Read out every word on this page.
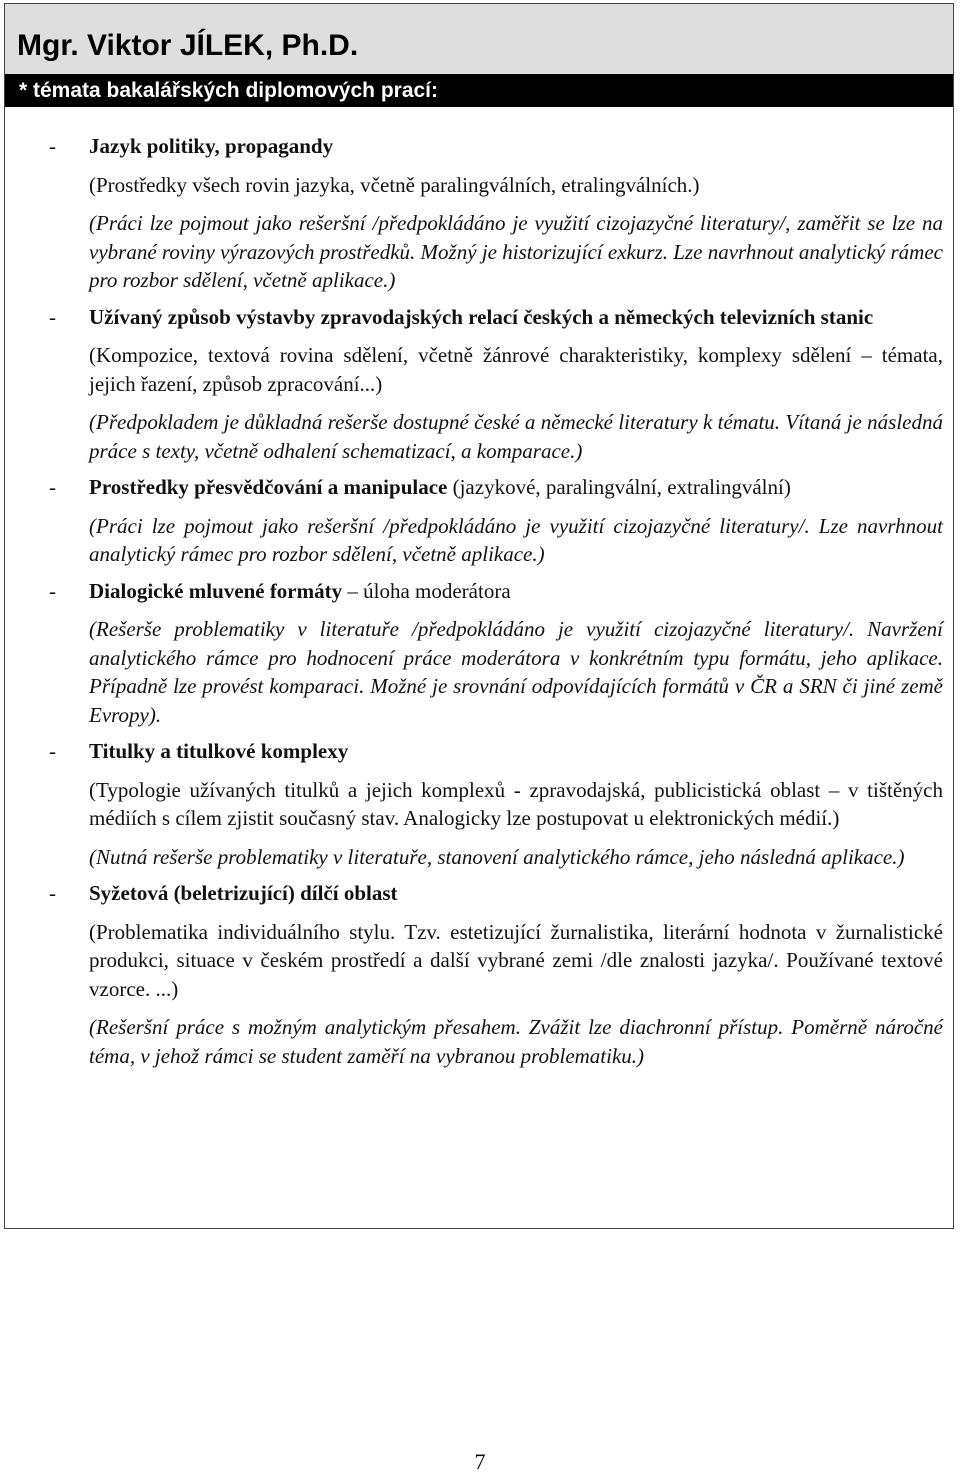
Mgr. Viktor JÍLEK, Ph.D.

* témata bakalářských diplomových prací:

- Jazyk politiky, propagandy

(Prostředky všech rovin jazyka, včetně paralingválních, etralingválních.)

(Práci lze pojmout jako rešeršní /předpokládáno je využití cizojazyčné literatury/, zaměřit se lze na vybrané roviny výrazových prostředků. Možný je historizující exkurz. Lze navrhnout analytický rámec pro rozbor sdělení, včetně aplikace.)

- Užívaný způsob výstavby zpravodajských relací českých a německých televizních stanic

(Kompozice, textová rovina sdělení, včetně žánrové charakteristiky, komplexy sdělení – témata, jejich řazení, způsob zpracování...)

(Předpokladem je důkladná rešerše dostupné české a německé literatury k tématu. Vítaná je následná práce s texty, včetně odhalení schematizací, a komparace.)

- Prostředky přesvědčování a manipulace (jazykové, paralingvální, extralingvální)

(Práci lze pojmout jako rešeršní /předpokládáno je využití cizojazyčné literatury/. Lze navrhnout analytický rámec pro rozbor sdělení, včetně aplikace.)

- Dialogické mluvené formáty – úloha moderátora

(Rešerše problematiky v literatuře /předpokládáno je využití cizojazyčné literatury/. Navržení analytického rámce pro hodnocení práce moderátora v konkrétním typu formátu, jeho aplikace. Případně lze provést komparaci. Možné je srovnání odpovídajících formátů v ČR a SRN či jiné země Evropy).

- Titulky a titulkové komplexy

(Typologie užívaných titulků a jejich komplexů - zpravodajská, publicistická oblast – v tištěných médiích s cílem zjistit současný stav. Analogicky lze postupovat u elektronických médií.)

(Nutná rešerše problematiky v literatuře, stanovení analytického rámce, jeho následná aplikace.)

- Syžetová (beletrizující) dílčí oblast

(Problematika individuálního stylu. Tzv. estetizující žurnalistika, literární hodnota v žurnalistické produkci, situace v českém prostředí a další vybrané zemi /dle znalosti jazyka/. Používané textové vzorce. ...)

(Rešeršní práce s možným analytickým přesahem. Zvážit lze diachronní přístup. Poměrně náročné téma, v jehož rámci se student zaměří na vybranou problematiku.)

7
